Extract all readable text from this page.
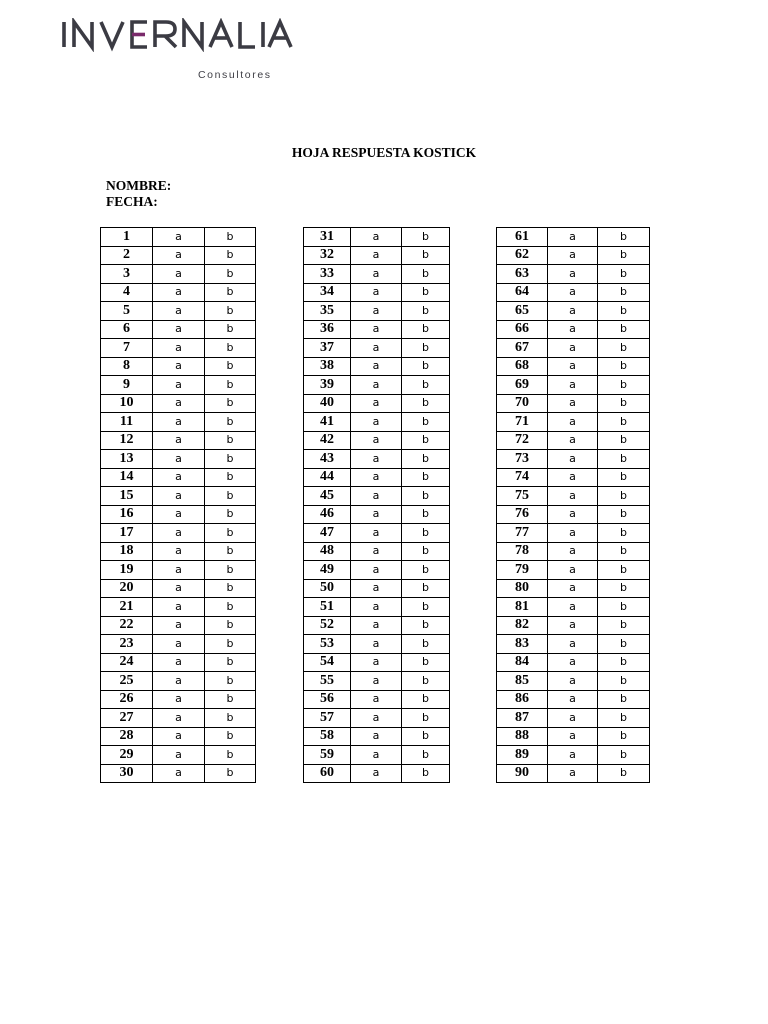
Consultores
HOJA RESPUESTA KOSTICK
NOMBRE:
FECHA:
1	a	b
2	a	b
3	a	b
4	a	b
5	a	b
6	a	b
7	a	b
8	a	b
9	a	b
10	a	b
11	a	b
12	a	b
13	a	b
14	a	b
15	a	b
16	a	b
17	a	b
18	a	b
19	a	b
20	a	b
21	a	b
22	a	b
23	a	b
24	a	b
25	a	b
26	a	b
27	a	b
28	a	b
29	a	b
30	a	b
31	a	b
32	a	b
33	a	b
34	a	b
35	a	b
36	a	b
37	a	b
38	a	b
39	a	b
40	a	b
41	a	b
42	a	b
43	a	b
44	a	b
45	a	b
46	a	b
47	a	b
48	a	b
49	a	b
50	a	b
51	a	b
52	a	b
53	a	b
54	a	b
55	a	b
56	a	b
57	a	b
58	a	b
59	a	b
60	a	b
61	a	b
62	a	b
63	a	b
64	a	b
65	a	b
66	a	b
67	a	b
68	a	b
69	a	b
70	a	b
71	a	b
72	a	b
73	a	b
74	a	b
75	a	b
76	a	b
77	a	b
78	a	b
79	a	b
80	a	b
81	a	b
82	a	b
83	a	b
84	a	b
85	a	b
86	a	b
87	a	b
88	a	b
89	a	b
90	a	b
